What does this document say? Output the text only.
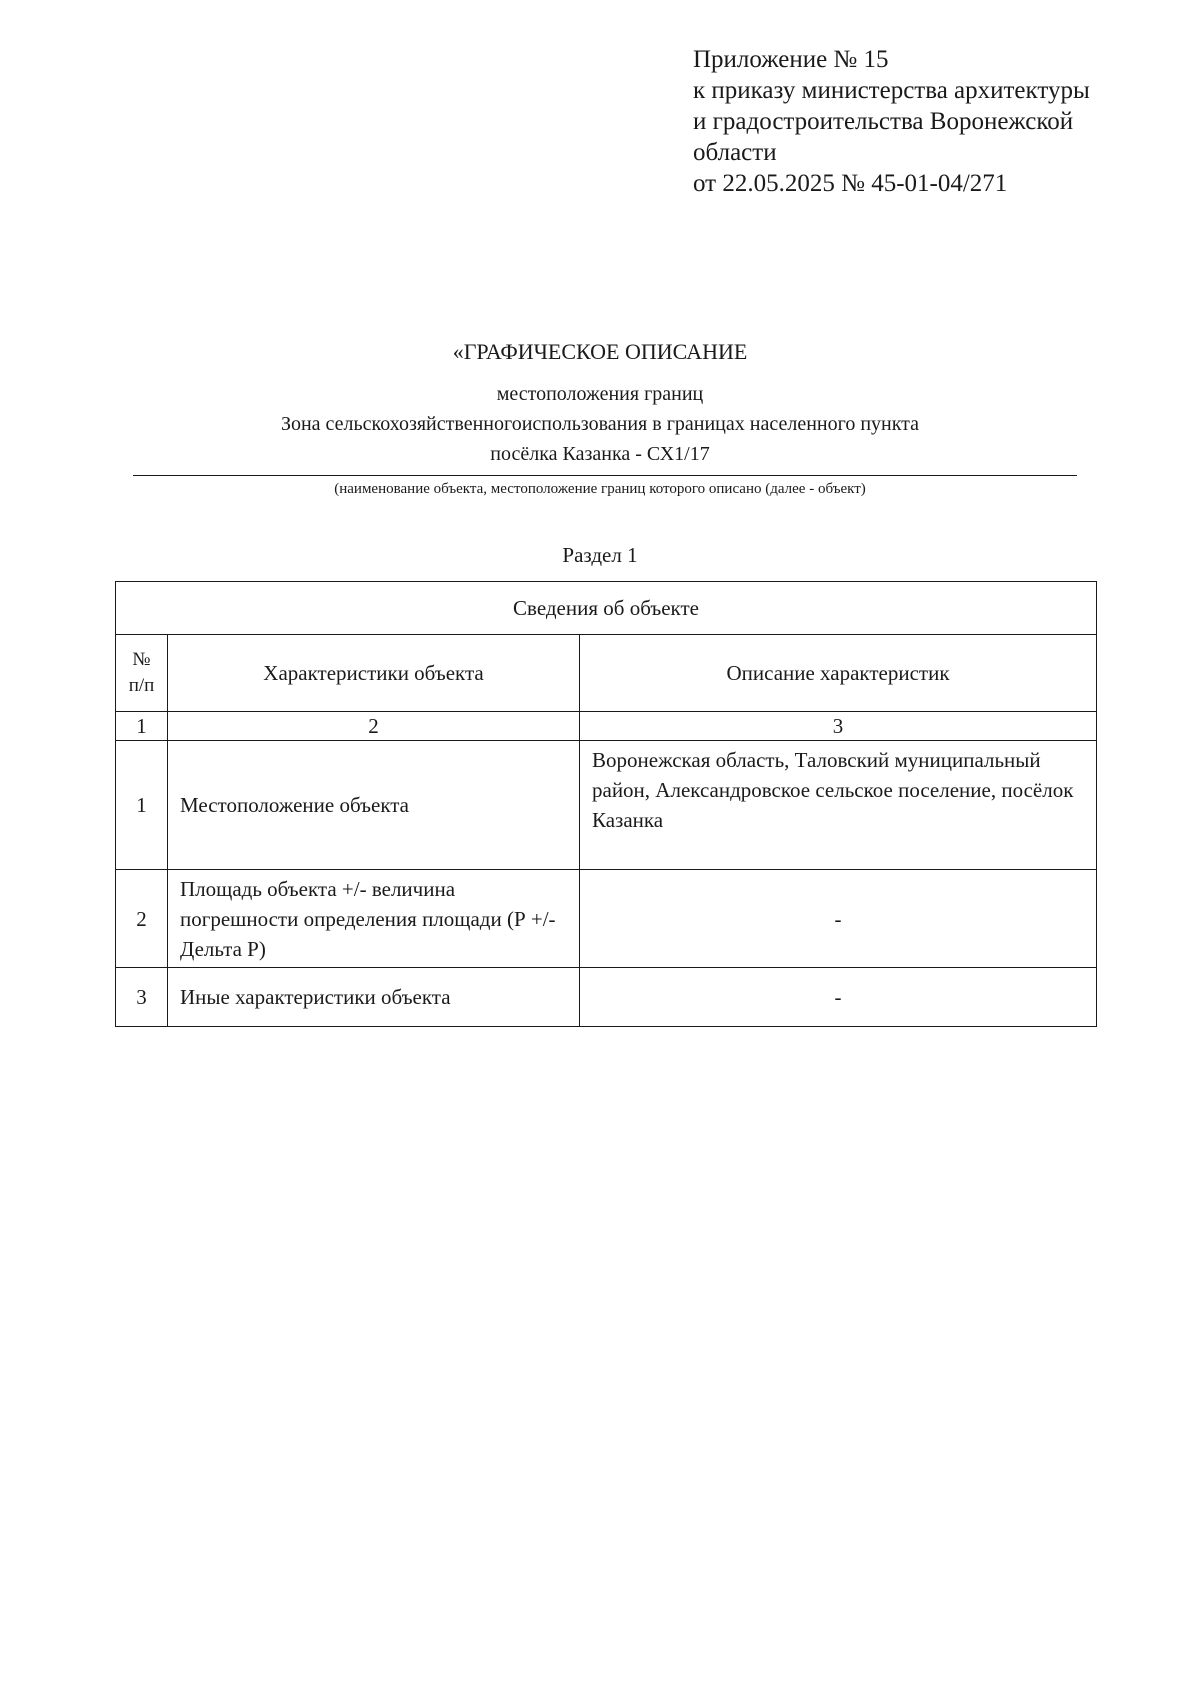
Приложение № 15
к приказу министерства архитектуры
и градостроительства Воронежской
области
от 22.05.2025 № 45-01-04/271
«ГРАФИЧЕСКОЕ ОПИСАНИЕ
местоположения границ
Зона сельскохозяйственногоиспользования в границах населенного пункта
посёлка Казанка - СХ1/17
(наименование объекта, местоположение границ которого описано (далее - объект)
Раздел 1
Сведения об объекте		
№ п/п	Характеристики объекта	Описание характеристик
1	2	3
1	Местоположение объекта	Воронежская область, Таловский муниципальный район, Александровское сельское поселение, посёлок Казанка
2	Площадь объекта +/- величина погрешности определения площади (Р +/- Дельта Р)	-
3	Иные характеристики объекта	-
